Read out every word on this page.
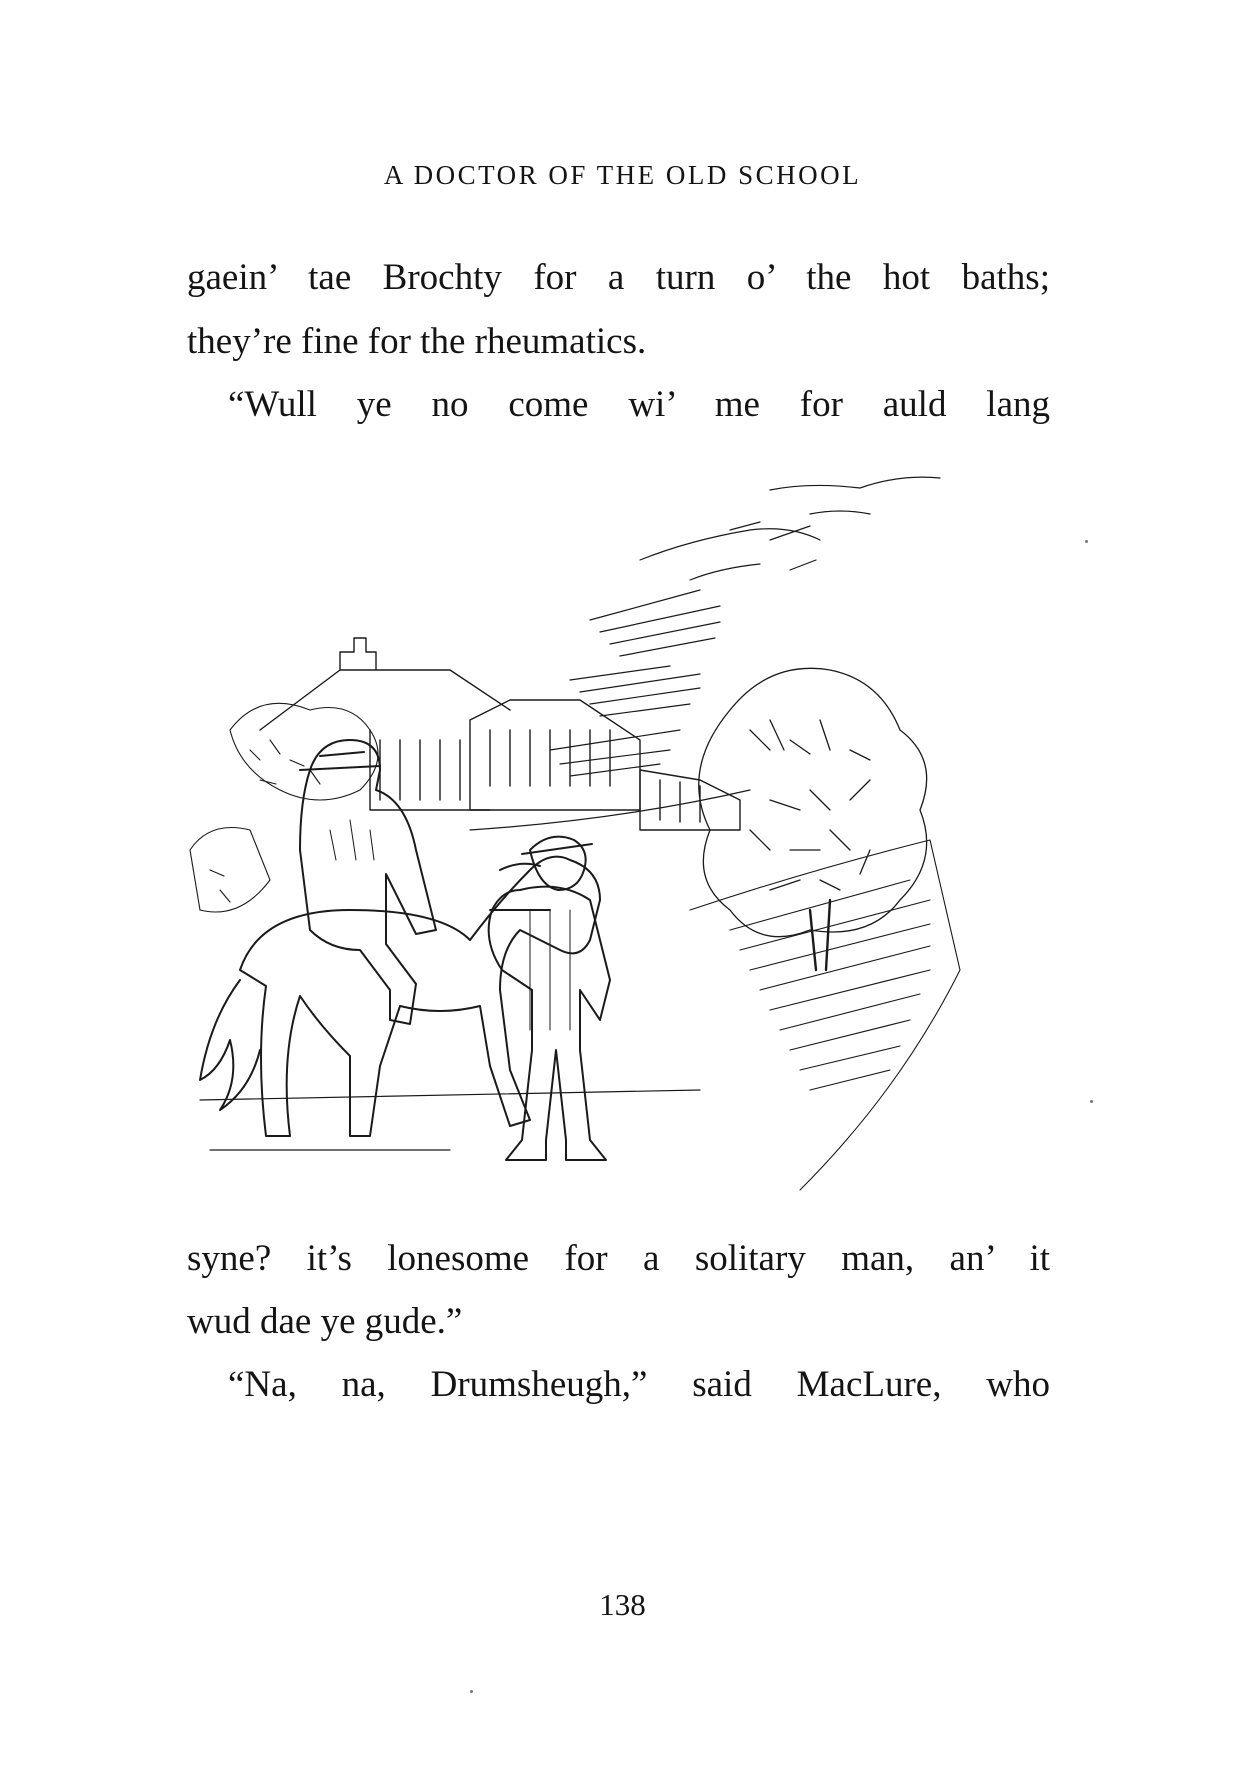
A DOCTOR OF THE OLD SCHOOL
gaein’ tae Brochty for a turn o’ the hot baths;
they’re fine for the rheumatics.
“Wull ye no come wi’ me for auld lang
syne? it’s lonesome for a solitary man, an’ it
wud dae ye gude.”
“Na, na, Drumsheugh,” said MacLure, who
138
